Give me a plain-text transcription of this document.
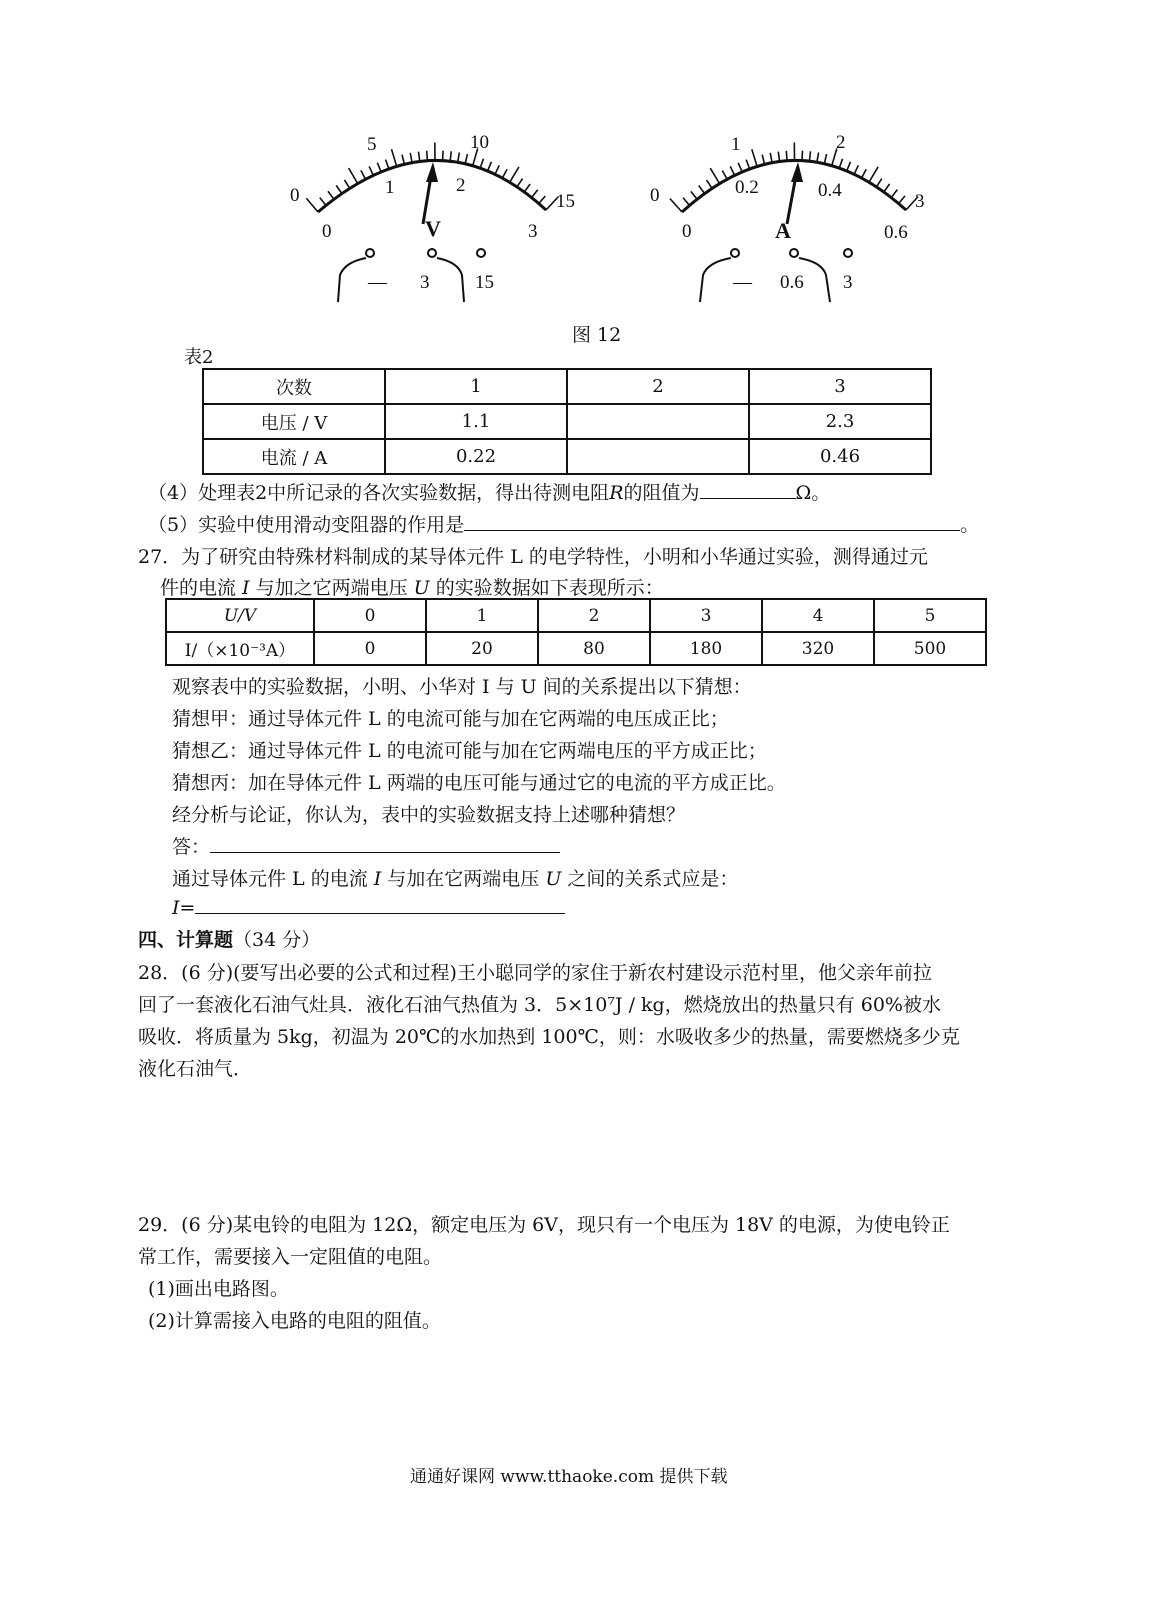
0
5	10
15
0
1	2
3
V
— 3 15
0
1	2
3
0
0.2	0.4
0.6
A
— 0.6 3
图 12
表2
次数	1	2	3
电压 / V	1.1		2.3
电流 / A	0.22		0.46
（4）处理表2中所记录的各次实验数据，得出待测电阻R的阻值为	Ω。
（5）实验中使用滑动变阻器的作用是	。
27．为了研究由特殊材料制成的某导体元件 L 的电学特性，小明和小华通过实验，测得通过元
件的电流 I 与加之它两端电压 U 的实验数据如下表现所示：
U/V	0	1	2	3	4	5
I/（×10⁻³A）	0	20	80	180	320	500
观察表中的实验数据，小明、小华对 I 与 U 间的关系提出以下猜想：
猜想甲：通过导体元件 L 的电流可能与加在它两端的电压成正比；
猜想乙：通过导体元件 L 的电流可能与加在它两端电压的平方成正比；
猜想丙：加在导体元件 L 两端的电压可能与通过它的电流的平方成正比。
经分析与论证，你认为，表中的实验数据支持上述哪种猜想？
答：
通过导体元件 L 的电流 I 与加在它两端电压 U 之间的关系式应是：
I=
四、计算题（34 分）
28．(6 分)(要写出必要的公式和过程)王小聪同学的家住于新农村建设示范村里，他父亲年前拉
回了一套液化石油气灶具．液化石油气热值为 3．5×10⁷J / kg，燃烧放出的热量只有 60%被水
吸收．将质量为 5kg，初温为 20℃的水加热到 100℃，则：水吸收多少的热量，需要燃烧多少克
液化石油气．
29．(6 分)某电铃的电阻为 12Ω，额定电压为 6V，现只有一个电压为 18V 的电源，为使电铃正
常工作，需要接入一定阻值的电阻。
(1)画出电路图。
(2)计算需接入电路的电阻的阻值。
通通好课网 www.tthaoke.com 提供下载
